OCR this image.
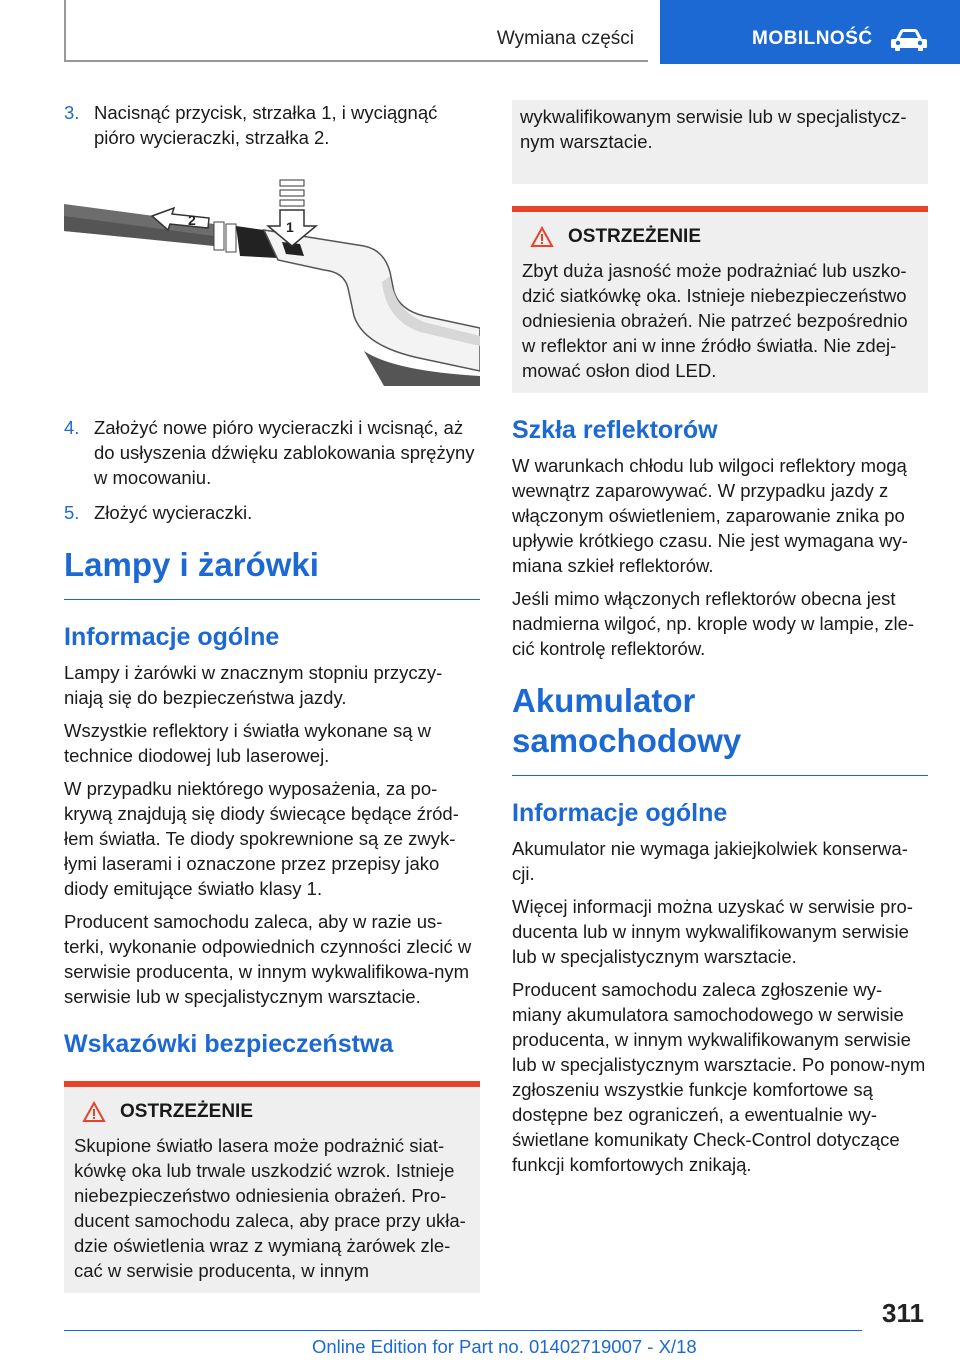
Wymiana części	MOBILNOŚĆ
3. Nacisnąć przycisk, strzałka 1, i wyciągnąć pióro wycieraczki, strzałka 2.
2	1
4. Założyć nowe pióro wycieraczki i wcisnąć, aż do usłyszenia dźwięku zablokowania sprężyny w mocowaniu.
5. Złożyć wycieraczki.
Lampy i żarówki
Informacje ogólne

Lampy i żarówki w znacznym stopniu przyczy-niają się do bezpieczeństwa jazdy.

Wszystkie reflektory i światła wykonane są w technice diodowej lub laserowej.

W przypadku niektórego wyposażenia, za po-krywą znajdują się diody świecące będące źród-łem światła. Te diody spokrewnione są ze zwyk-łymi laserami i oznaczone przez przepisy jako diody emitujące światło klasy 1.

Producent samochodu zaleca, aby w razie us-terki, wykonanie odpowiednich czynności zlecić w serwisie producenta, w innym wykwalifikowa-nym serwisie lub w specjalistycznym warsztacie.

Wskazówki bezpieczeństwa
OSTRZEŻENIE

Skupione światło lasera może podrażnić siat-kówkę oka lub trwale uszkodzić wzrok. Istnieje niebezpieczeństwo odniesienia obrażeń. Pro-ducent samochodu zaleca, aby prace przy ukła-dzie oświetlenia wraz z wymianą żarówek zle-cać w serwisie producenta, w innym

wykwalifikowanym serwisie lub w specjalistycz-nym warsztacie.

OSTRZEŻENIE

Zbyt duża jasność może podrażniać lub uszko-dzić siatkówkę oka. Istnieje niebezpieczeństwo odniesienia obrażeń. Nie patrzeć bezpośrednio w reflektor ani w inne źródło światła. Nie zdej-mować osłon diod LED.

Szkła reflektorów

W warunkach chłodu lub wilgoci reflektory mogą wewnątrz zaparowywać. W przypadku jazdy z włączonym oświetleniem, zaparowanie znika po upływie krótkiego czasu. Nie jest wymagana wy-miana szkieł reflektorów.

Jeśli mimo włączonych reflektorów obecna jest nadmierna wilgoć, np. krople wody w lampie, zle-cić kontrolę reflektorów.

Akumulator samochodowy
Informacje ogólne

Akumulator nie wymaga jakiejkolwiek konserwa-cji.

Więcej informacji można uzyskać w serwisie pro-ducenta lub w innym wykwalifikowanym serwisie lub w specjalistycznym warsztacie.

Producent samochodu zaleca zgłoszenie wy-miany akumulatora samochodowego w serwisie producenta, w innym wykwalifikowanym serwisie lub w specjalistycznym warsztacie. Po ponow-nym zgłoszeniu wszystkie funkcje komfortowe są dostępne bez ograniczeń, a ewentualnie wy-świetlane komunikaty Check-Control dotyczące funkcji komfortowych znikają.

311
Online Edition for Part no. 01402719007 - X/18
